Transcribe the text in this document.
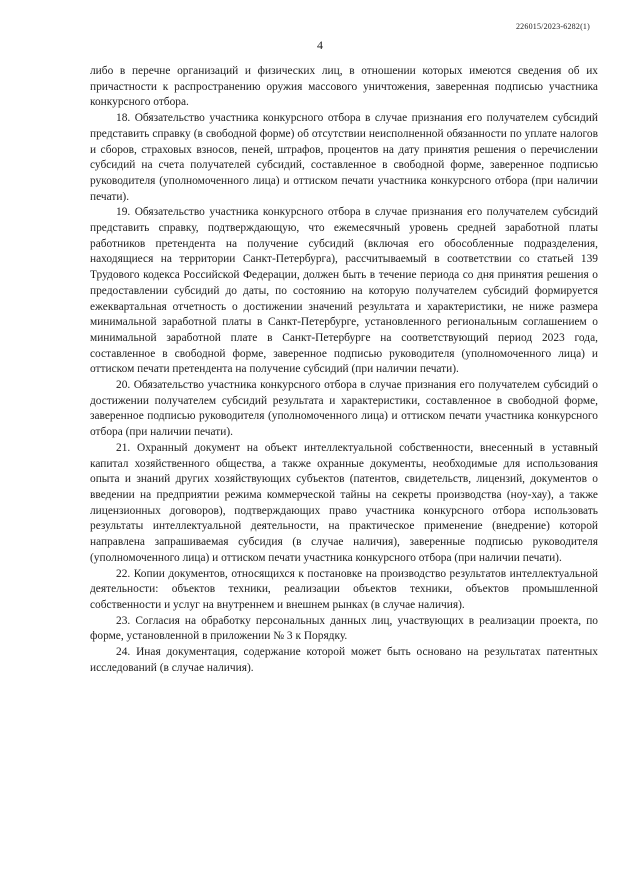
226015/2023-6282(1)
4

либо в перечне организаций и физических лиц, в отношении которых имеются сведения об их причастности к распространению оружия массового уничтожения, заверенная подписью участника конкурсного отбора.

18. Обязательство участника конкурсного отбора в случае признания его получателем субсидий представить справку (в свободной форме) об отсутствии неисполненной обязанности по уплате налогов и сборов, страховых взносов, пеней, штрафов, процентов на дату принятия решения о перечислении субсидий на счета получателей субсидий, составленное в свободной форме, заверенное подписью руководителя (уполномоченного лица) и оттиском печати участника конкурсного отбора (при наличии печати).

19. Обязательство участника конкурсного отбора в случае признания его получателем субсидий представить справку, подтверждающую, что ежемесячный уровень средней заработной платы работников претендента на получение субсидий (включая его обособленные подразделения, находящиеся на территории Санкт-Петербурга), рассчитываемый в соответствии со статьей 139 Трудового кодекса Российской Федерации, должен быть в течение периода со дня принятия решения о предоставлении субсидий до даты, по состоянию на которую получателем субсидий формируется ежеквартальная отчетность о достижении значений результата и характеристики, не ниже размера минимальной заработной платы в Санкт-Петербурге, установленного региональным соглашением о минимальной заработной плате в Санкт-Петербурге на соответствующий период 2023 года, составленное в свободной форме, заверенное подписью руководителя (уполномоченного лица) и оттиском печати претендента на получение субсидий (при наличии печати).

20. Обязательство участника конкурсного отбора в случае признания его получателем субсидий о достижении получателем субсидий результата и характеристики, составленное в свободной форме, заверенное подписью руководителя (уполномоченного лица) и оттиском печати участника конкурсного отбора (при наличии печати).

21. Охранный документ на объект интеллектуальной собственности, внесенный в уставный капитал хозяйственного общества, а также охранные документы, необходимые для использования опыта и знаний других хозяйствующих субъектов (патентов, свидетельств, лицензий, документов о введении на предприятии режима коммерческой тайны на секреты производства (ноу-хау), а также лицензионных договоров), подтверждающих право участника конкурсного отбора использовать результаты интеллектуальной деятельности, на практическое применение (внедрение) которой направлена запрашиваемая субсидия (в случае наличия), заверенные подписью руководителя (уполномоченного лица) и оттиском печати участника конкурсного отбора (при наличии печати).

22. Копии документов, относящихся к постановке на производство результатов интеллектуальной деятельности: объектов техники, реализации объектов техники, объектов промышленной собственности и услуг на внутреннем и внешнем рынках (в случае наличия).

23. Согласия на обработку персональных данных лиц, участвующих в реализации проекта, по форме, установленной в приложении № 3 к Порядку.

24. Иная документация, содержание которой может быть основано на результатах патентных исследований (в случае наличия).
